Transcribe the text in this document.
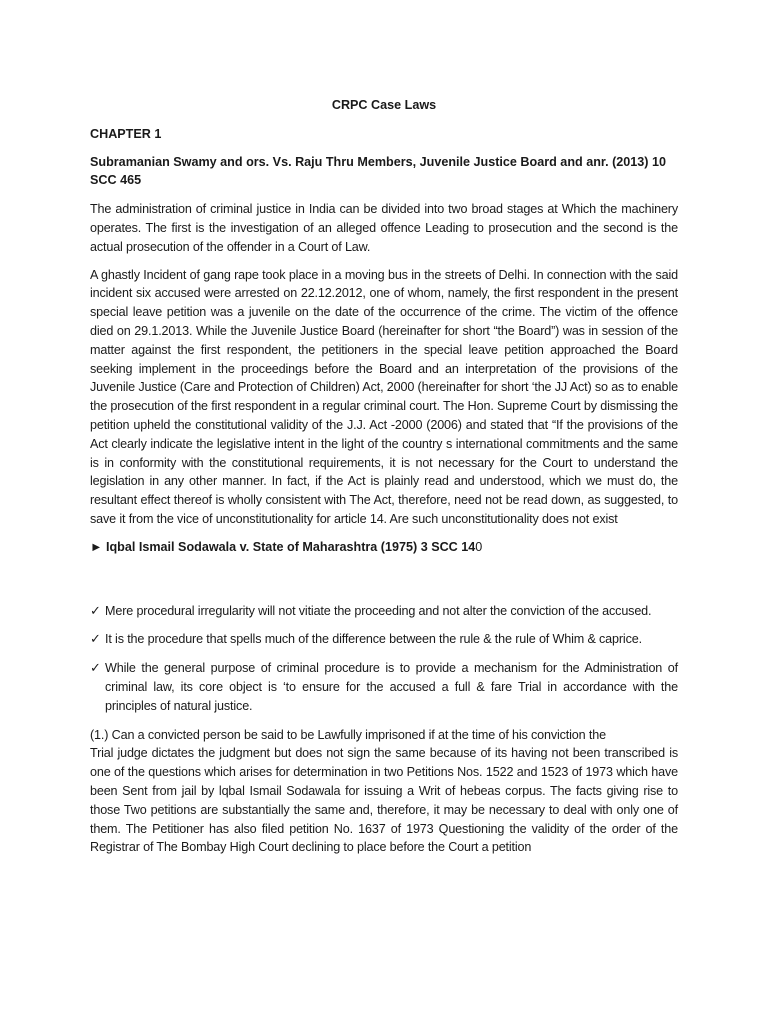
CRPC Case Laws
CHAPTER 1
Subramanian Swamy and ors. Vs. Raju Thru Members, Juvenile Justice Board and anr. (2013) 10 SCC 465

The administration of criminal justice in India can be divided into two broad stages at Which the machinery operates. The first is the investigation of an alleged offence Leading to prosecution and the second is the actual prosecution of the offender in a Court of Law.

A ghastly Incident of gang rape took place in a moving bus in the streets of Delhi. In connection with the said incident six accused were arrested on 22.12.2012, one of whom, namely, the first respondent in the present special leave petition was a juvenile on the date of the occurrence of the crime. The victim of the offence died on 29.1.2013. While the Juvenile Justice Board (hereinafter for short “the Board”) was in session of the matter against the first respondent, the petitioners in the special leave petition approached the Board seeking implement in the proceedings before the Board and an interpretation of the provisions of the Juvenile Justice (Care and Protection of Children) Act, 2000 (hereinafter for short ‘the JJ Act) so as to enable the prosecution of the first respondent in a regular criminal court. The Hon. Supreme Court by dismissing the petition upheld the constitutional validity of the J.J. Act -2000 (2006) and stated that “If the provisions of the Act clearly indicate the legislative intent in the light of the country s international commitments and the same is in conformity with the constitutional requirements, it is not necessary for the Court to understand the legislation in any other manner. In fact, if the Act is plainly read and understood, which we must do, the resultant effect thereof is wholly consistent with The Act, therefore, need not be read down, as suggested, to save it from the vice of unconstitutionality for article 14. Are such unconstitutionality does not exist

► Iqbal Ismail Sodawala v. State of Maharashtra (1975) 3 SCC 140
✓ Mere procedural irregularity will not vitiate the proceeding and not alter the conviction of the accused.
✓ It is the procedure that spells much of the difference between the rule & the rule of Whim & caprice.
✓ While the general purpose of criminal procedure is to provide a mechanism for the Administration of criminal law, its core object is ‘to ensure for the accused a full & fare Trial in accordance with the principles of natural justice.

(1.) Can a convicted person be said to be Lawfully imprisoned if at the time of his conviction the

Trial judge dictates the judgment but does not sign the same because of its having not been transcribed is one of the questions which arises for determination in two Petitions Nos. 1522 and 1523 of 1973 which have been Sent from jail by lqbal Ismail Sodawala for issuing a Writ of hebeas corpus. The facts giving rise to those Two petitions are substantially the same and, therefore, it may be necessary to deal with only one of them. The Petitioner has also filed petition No. 1637 of 1973 Questioning the validity of the order of the Registrar of The Bombay High Court declining to place before the Court a petition
